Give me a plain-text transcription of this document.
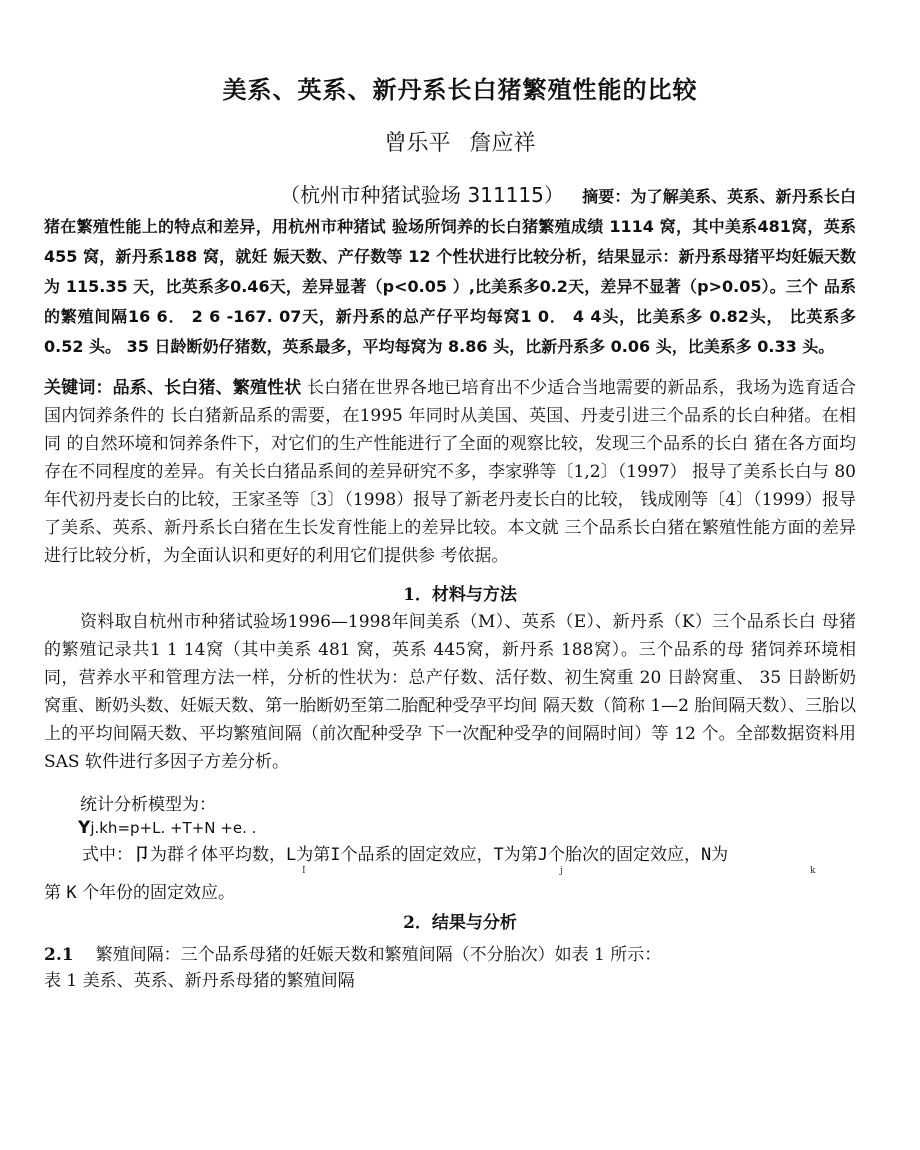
美系、英系、新丹系长白猪繁殖性能的比较
曾乐平 詹应祥
（杭州市种猪试验场 311115） 摘要：为了解美系、英系、新丹系长白猪在繁殖性能上的特点和差异，用杭州市种猪试 验场所饲养的长白猪繁殖成绩 1114 窝，其中美系481窝，英系455 窝，新丹系188 窝，就妊 娠天数、产仔数等 12 个性状进行比较分析，结果显示：新丹系母猪平均妊娠天数为 115.35 天，比英系多0.46天，差异显著（p<0.05 ）,比美系多0.2天，差异不显著（p>0.05）。三个 品系的繁殖间隔16 6． 2 6 -167. 07天，新丹系的总产仔平均每窝1 0． 4 4头，比美系多 0.82头， 比英系多 0.52 头。 35 日龄断奶仔猪数，英系最多，平均每窝为 8.86 头，比新丹系多 0.06 头，比美系多 0.33 头。
关键词：品系、长白猪、繁殖性状 长白猪在世界各地已培育出不少适合当地需要的新品系，我场为选育适合国内饲养条件的 长白猪新品系的需要，在1995 年同时从美国、英国、丹麦引进三个品系的长白种猪。在相同 的自然环境和饲养条件下，对它们的生产性能进行了全面的观察比较，发现三个品系的长白 猪在各方面均存在不同程度的差异。有关长白猪品系间的差异研究不多，李家骅等〔1,2〕（1997） 报导了美系长白与 80 年代初丹麦长白的比较，王家圣等〔3〕（1998）报导了新老丹麦长白的比较， 钱成刚等〔4〕（1999）报导了美系、英系、新丹系长白猪在生长发育性能上的差异比较。本文就 三个品系长白猪在繁殖性能方面的差异进行比较分析，为全面认识和更好的利用它们提供参 考依据。
1．材料与方法
资料取自杭州市种猪试验场1996—1998年间美系（M）、英系（E）、新丹系（K）三个品系长白 母猪的繁殖记录共1 1 14窝（其中美系 481 窝，英系 445窝，新丹系 188窝）。三个品系的母 猪饲养环境相同，营养水平和管理方法一样，分析的性状为：总产仔数、活仔数、初生窝重 20 日龄窝重、 35 日龄断奶窝重、断奶头数、妊娠天数、第一胎断奶至第二胎配种受孕平均间 隔天数（简称 1—2 胎间隔天数）、三胎以上的平均间隔天数、平均繁殖间隔（前次配种受孕 下一次配种受孕的间隔时间）等 12 个。全部数据资料用 SAS 软件进行多因子方差分析。
统计分析模型为：
Yj.kh=p+L. +T+N +e. .
式中：卩为群彳体平均数，L为第I个品系的固定效应，T为第J个胎次的固定效应，N为
I	j	k
第 K 个年份的固定效应。
2．结果与分析
2.1 繁殖间隔：三个品系母猪的妊娠天数和繁殖间隔（不分胎次）如表 1 所示：
表 1 美系、英系、新丹系母猪的繁殖间隔
